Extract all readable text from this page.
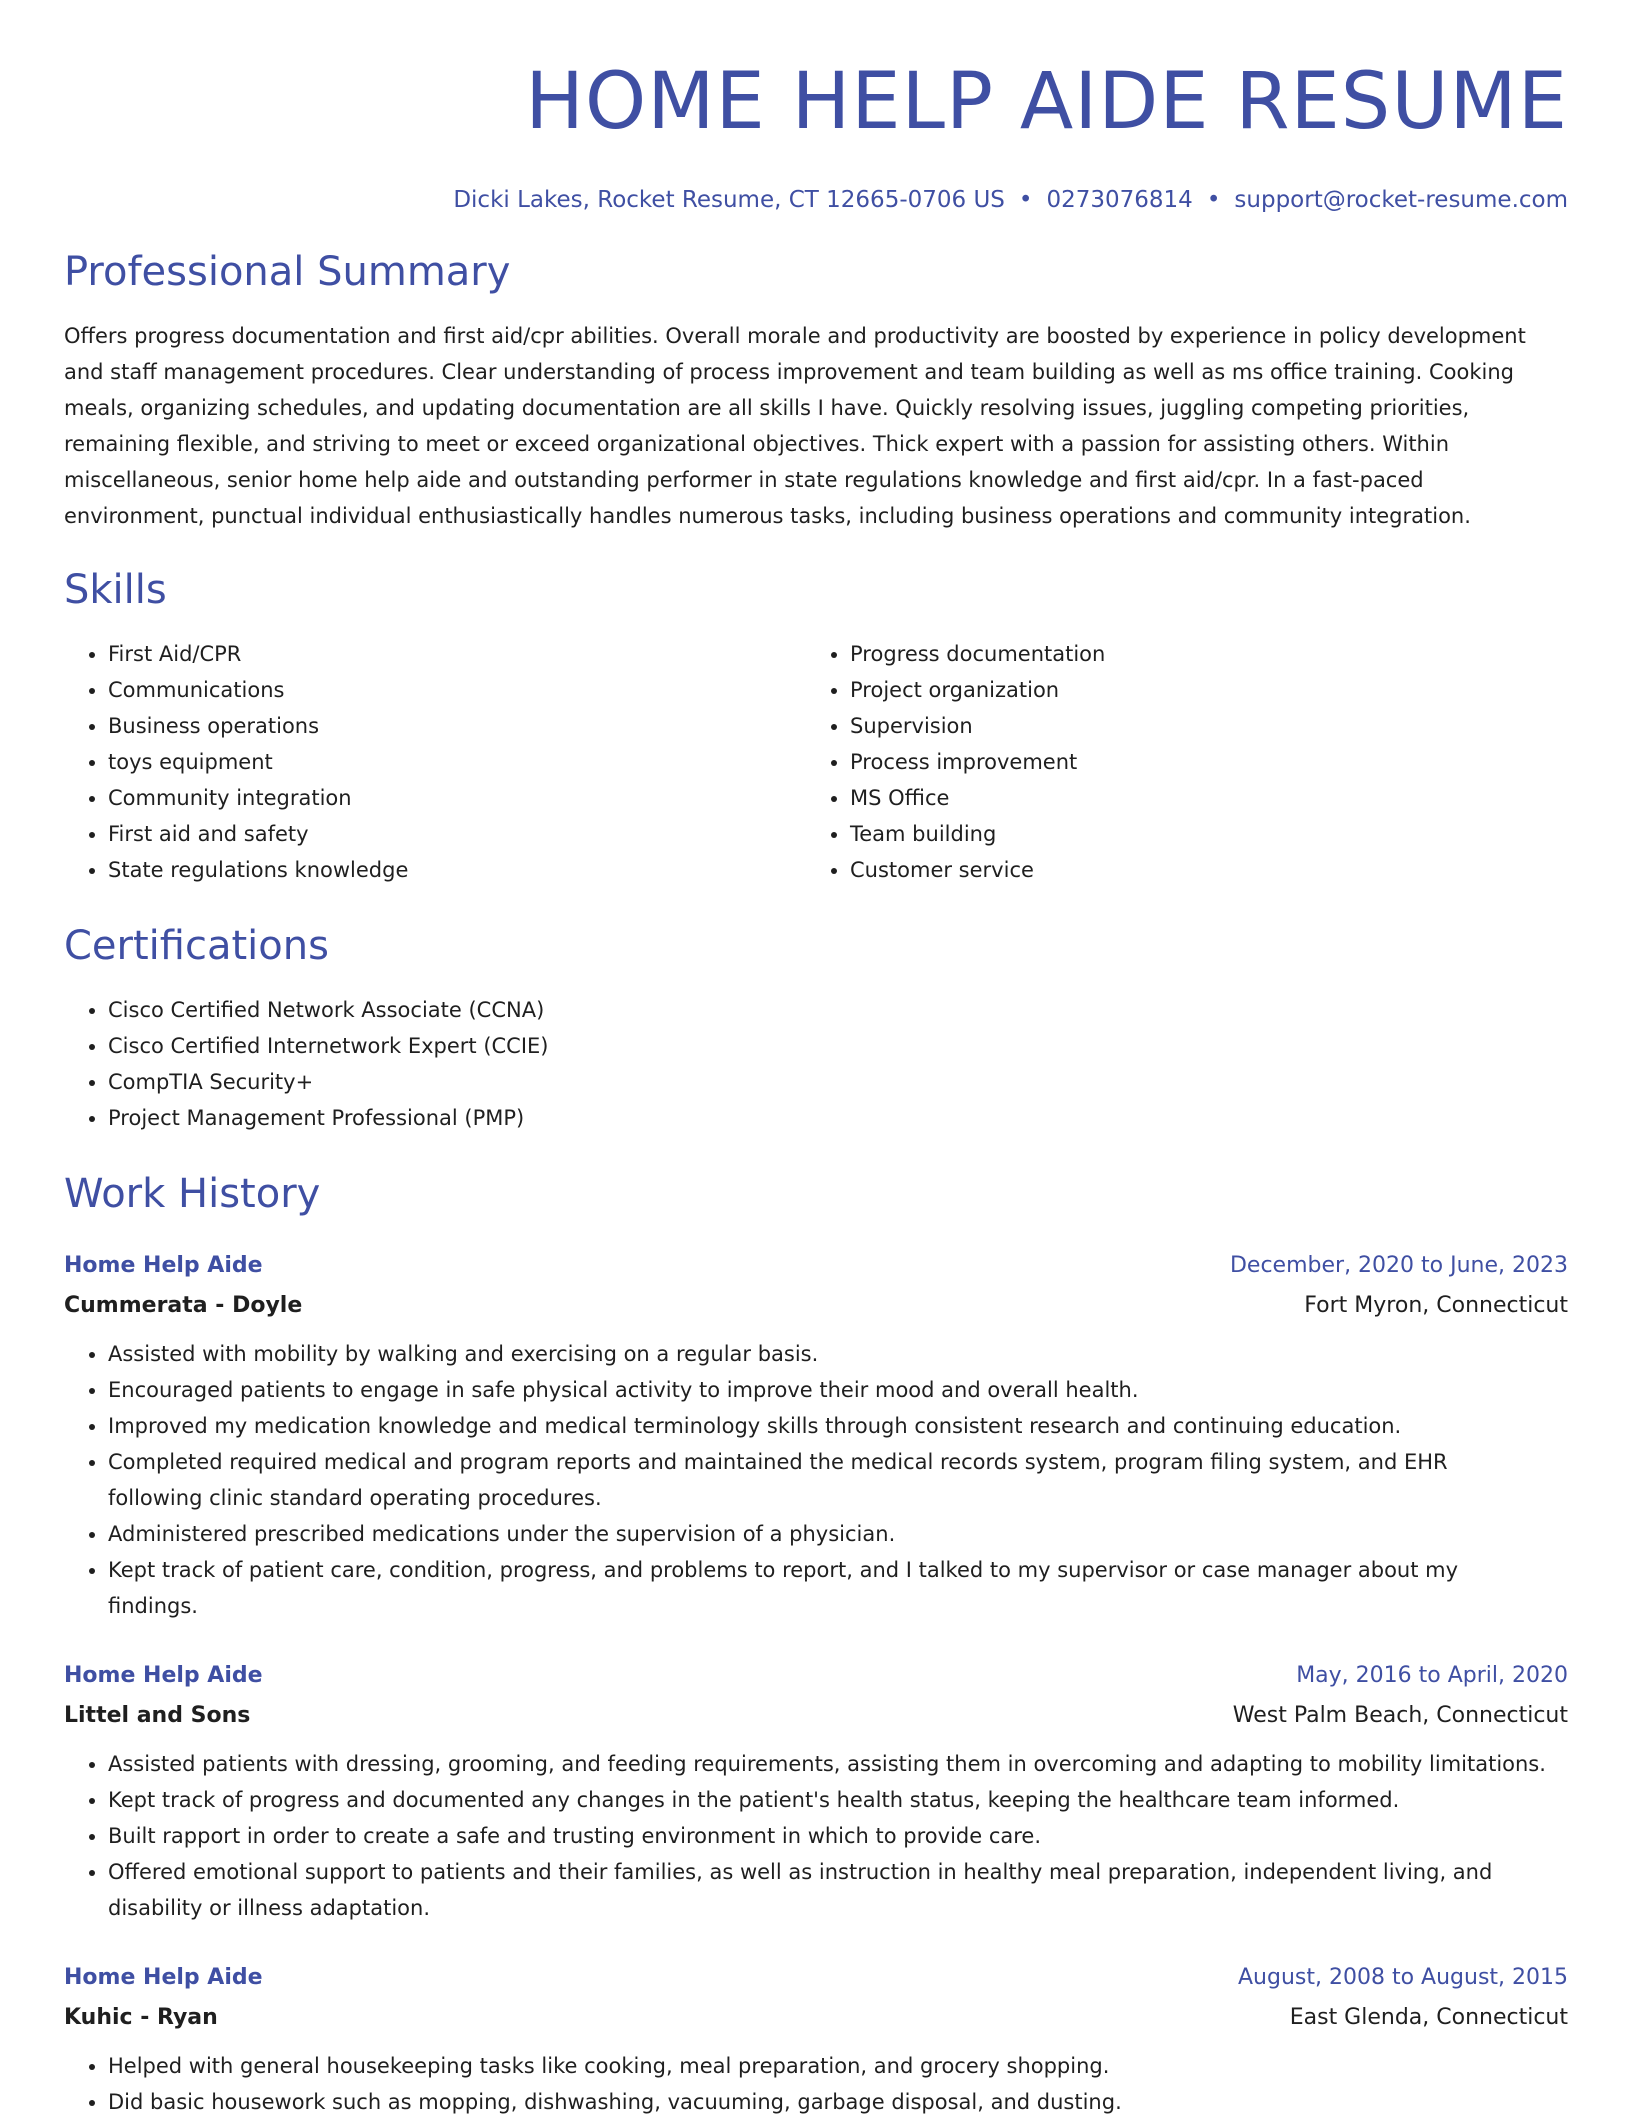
HOME HELP AIDE RESUME
Dicki Lakes, Rocket Resume, CT 12665-0706 US • 0273076814 • support@rocket-resume.com
Professional Summary

Offers progress documentation and first aid/cpr abilities. Overall morale and productivity are boosted by experience in policy development and staff management procedures. Clear understanding of process improvement and team building as well as ms office training. Cooking meals, organizing schedules, and updating documentation are all skills I have. Quickly resolving issues, juggling competing priorities, remaining flexible, and striving to meet or exceed organizational objectives. Thick expert with a passion for assisting others. Within miscellaneous, senior home help aide and outstanding performer in state regulations knowledge and first aid/cpr. In a fast-paced environment, punctual individual enthusiastically handles numerous tasks, including business operations and community integration.

Skills
• First Aid/CPR
• Communications
• Business operations
• toys equipment
• Community integration
• First aid and safety
• State regulations knowledge
• Progress documentation
• Project organization
• Supervision
• Process improvement
• MS Office
• Team building
• Customer service
Certifications
• Cisco Certified Network Associate (CCNA)
• Cisco Certified Internetwork Expert (CCIE)
• CompTIA Security+
• Project Management Professional (PMP)
Work History
Home Help Aide	December, 2020 to June, 2023
Cummerata - Doyle	Fort Myron, Connecticut
• Assisted with mobility by walking and exercising on a regular basis.
• Encouraged patients to engage in safe physical activity to improve their mood and overall health.
• Improved my medication knowledge and medical terminology skills through consistent research and continuing education.
• Completed required medical and program reports and maintained the medical records system, program filing system, and EHR following clinic standard operating procedures.
• Administered prescribed medications under the supervision of a physician.
• Kept track of patient care, condition, progress, and problems to report, and I talked to my supervisor or case manager about my findings.
Home Help Aide	May, 2016 to April, 2020
Littel and Sons	West Palm Beach, Connecticut
• Assisted patients with dressing, grooming, and feeding requirements, assisting them in overcoming and adapting to mobility limitations.
• Kept track of progress and documented any changes in the patient's health status, keeping the healthcare team informed.
• Built rapport in order to create a safe and trusting environment in which to provide care.
• Offered emotional support to patients and their families, as well as instruction in healthy meal preparation, independent living, and disability or illness adaptation.
Home Help Aide	August, 2008 to August, 2015
Kuhic - Ryan	East Glenda, Connecticut
• Helped with general housekeeping tasks like cooking, meal preparation, and grocery shopping.
• Did basic housework such as mopping, dishwashing, vacuuming, garbage disposal, and dusting.
